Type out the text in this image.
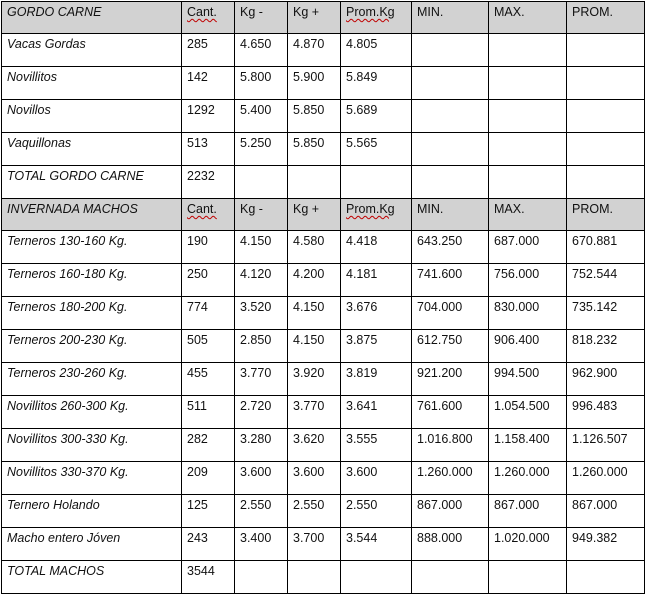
GORDO CARNE	Cant.	Kg -	Kg +	Prom.Kg	MIN.	MAX.	PROM.
Vacas Gordas	285	4.650	4.870	4.805			
Novillitos	142	5.800	5.900	5.849			
Novillos	1292	5.400	5.850	5.689			
Vaquillonas	513	5.250	5.850	5.565			
TOTAL GORDO CARNE	2232						
INVERNADA MACHOS	Cant.	Kg -	Kg +	Prom.Kg	MIN.	MAX.	PROM.
Terneros 130-160 Kg.	190	4.150	4.580	4.418	643.250	687.000	670.881
Terneros 160-180 Kg.	250	4.120	4.200	4.181	741.600	756.000	752.544
Terneros 180-200 Kg.	774	3.520	4.150	3.676	704.000	830.000	735.142
Terneros 200-230 Kg.	505	2.850	4.150	3.875	612.750	906.400	818.232
Terneros 230-260 Kg.	455	3.770	3.920	3.819	921.200	994.500	962.900
Novillitos 260-300 Kg.	511	2.720	3.770	3.641	761.600	1.054.500	996.483
Novillitos 300-330 Kg.	282	3.280	3.620	3.555	1.016.800	1.158.400	1.126.507
Novillitos 330-370 Kg.	209	3.600	3.600	3.600	1.260.000	1.260.000	1.260.000
Ternero Holando	125	2.550	2.550	2.550	867.000	867.000	867.000
Macho entero Jóven	243	3.400	3.700	3.544	888.000	1.020.000	949.382
TOTAL MACHOS	3544						
